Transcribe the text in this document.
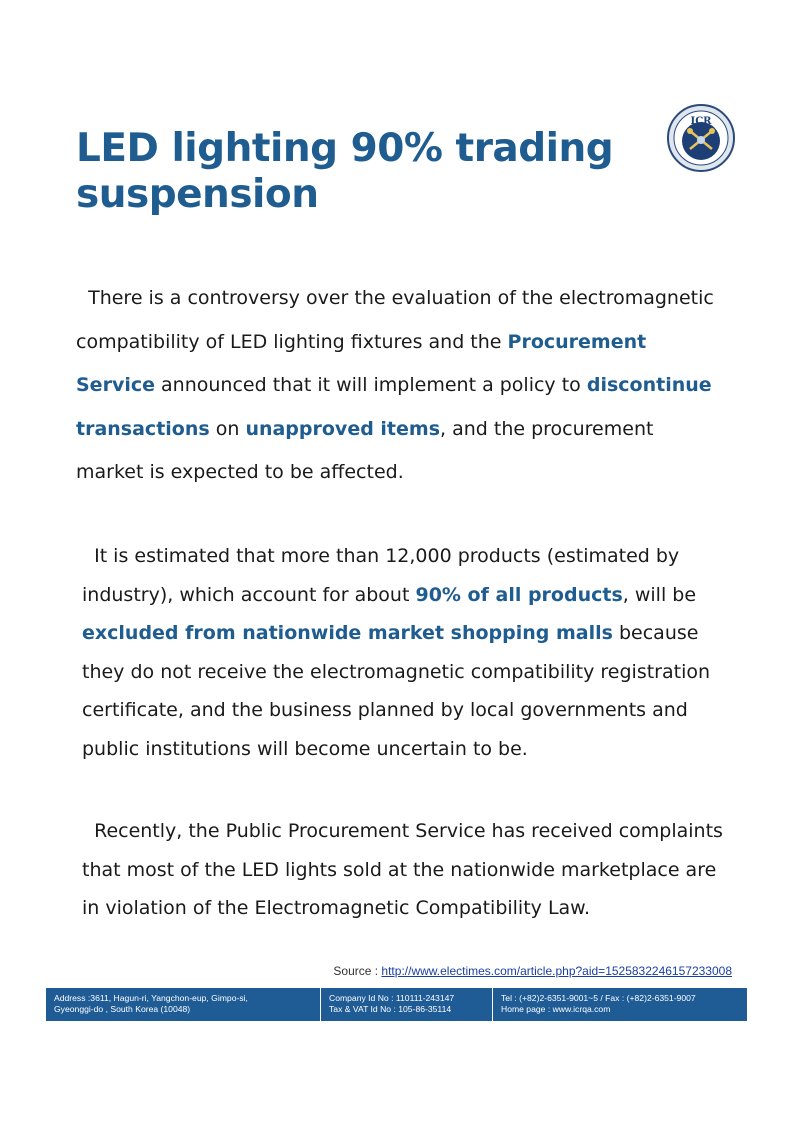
ICR
LED lighting 90% trading suspension

There is a controversy over the evaluation of the electromagnetic compatibility of LED lighting fixtures and the Procurement Service announced that it will implement a policy to discontinue transactions on unapproved items, and the procurement market is expected to be affected.

It is estimated that more than 12,000 products (estimated by industry), which account for about 90% of all products, will be excluded from nationwide market shopping malls because they do not receive the electromagnetic compatibility registration certificate, and the business planned by local governments and public institutions will become uncertain to be.

Recently, the Public Procurement Service has received complaints that most of the LED lights sold at the nationwide marketplace are in violation of the Electromagnetic Compatibility Law.

Source : http://www.electimes.com/article.php?aid=1525832246157233008
Address :3611, Hagun-ri, Yangchon-eup, Gimpo-si,
Gyeonggi-do , South Korea (10048)
Company Id No : 110111-243147
Tax & VAT Id No : 105-86-35114
Tel : (+82)2-6351-9001~5 / Fax : (+82)2-6351-9007
Home page : www.icrqa.com
